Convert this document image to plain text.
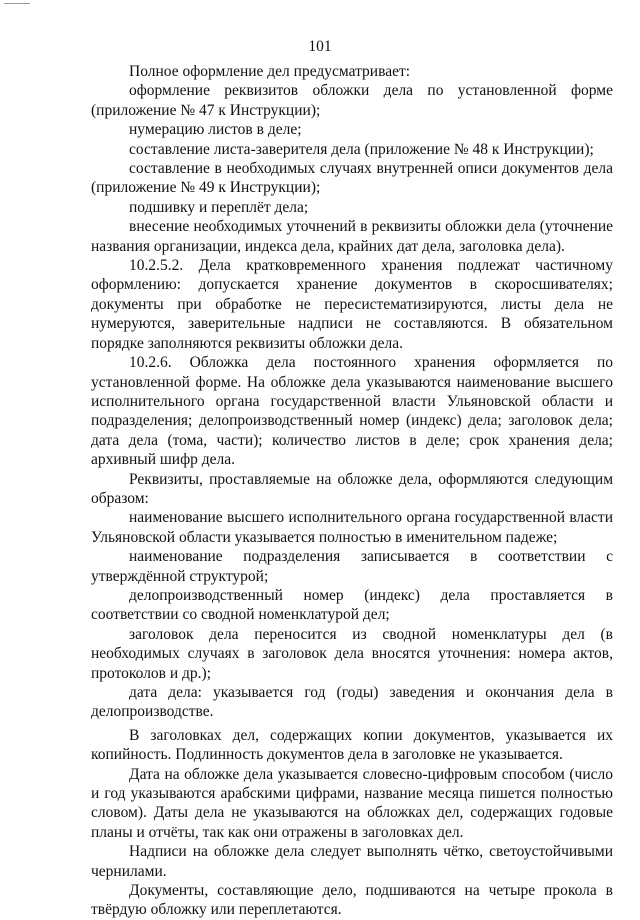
101

Полное оформление дел предусматривает:

оформление реквизитов обложки дела по установленной форме (приложение № 47 к Инструкции);

нумерацию листов в деле;

составление листа-заверителя дела (приложение № 48 к Инструкции);

составление в необходимых случаях внутренней описи документов дела (приложение № 49 к Инструкции);

подшивку и переплёт дела;

внесение необходимых уточнений в реквизиты обложки дела (уточнение названия организации, индекса дела, крайних дат дела, заголовка дела).

10.2.5.2. Дела кратковременного хранения подлежат частичному оформлению: допускается хранение документов в скоросшивателях; документы при обработке не пересистематизируются, листы дела не нумеруются, заверительные надписи не составляются. В обязательном порядке заполняются реквизиты обложки дела.

10.2.6. Обложка дела постоянного хранения оформляется по установленной форме. На обложке дела указываются наименование высшего исполнительного органа государственной власти Ульяновской области и подразделения; делопроизводственный номер (индекс) дела; заголовок дела; дата дела (тома, части); количество листов в деле; срок хранения дела; архивный шифр дела.

Реквизиты, проставляемые на обложке дела, оформляются следующим образом:

наименование высшего исполнительного органа государственной власти Ульяновской области указывается полностью в именительном падеже;

наименование подразделения записывается в соответствии с утверждённой структурой;

делопроизводственный номер (индекс) дела проставляется в соответствии со сводной номенклатурой дел;

заголовок дела переносится из сводной номенклатуры дел (в необходимых случаях в заголовок дела вносятся уточнения: номера актов, протоколов и др.);

дата дела: указывается год (годы) заведения и окончания дела в делопроизводстве.

В заголовках дел, содержащих копии документов, указывается их копийность. Подлинность документов дела в заголовке не указывается.

Дата на обложке дела указывается словесно-цифровым способом (число и год указываются арабскими цифрами, название месяца пишется полностью словом). Даты дела не указываются на обложках дел, содержащих годовые планы и отчёты, так как они отражены в заголовках дел.

Надписи на обложке дела следует выполнять чётко, светоустойчивыми чернилами.

Документы, составляющие дело, подшиваются на четыре прокола в твёрдую обложку или переплетаются.
